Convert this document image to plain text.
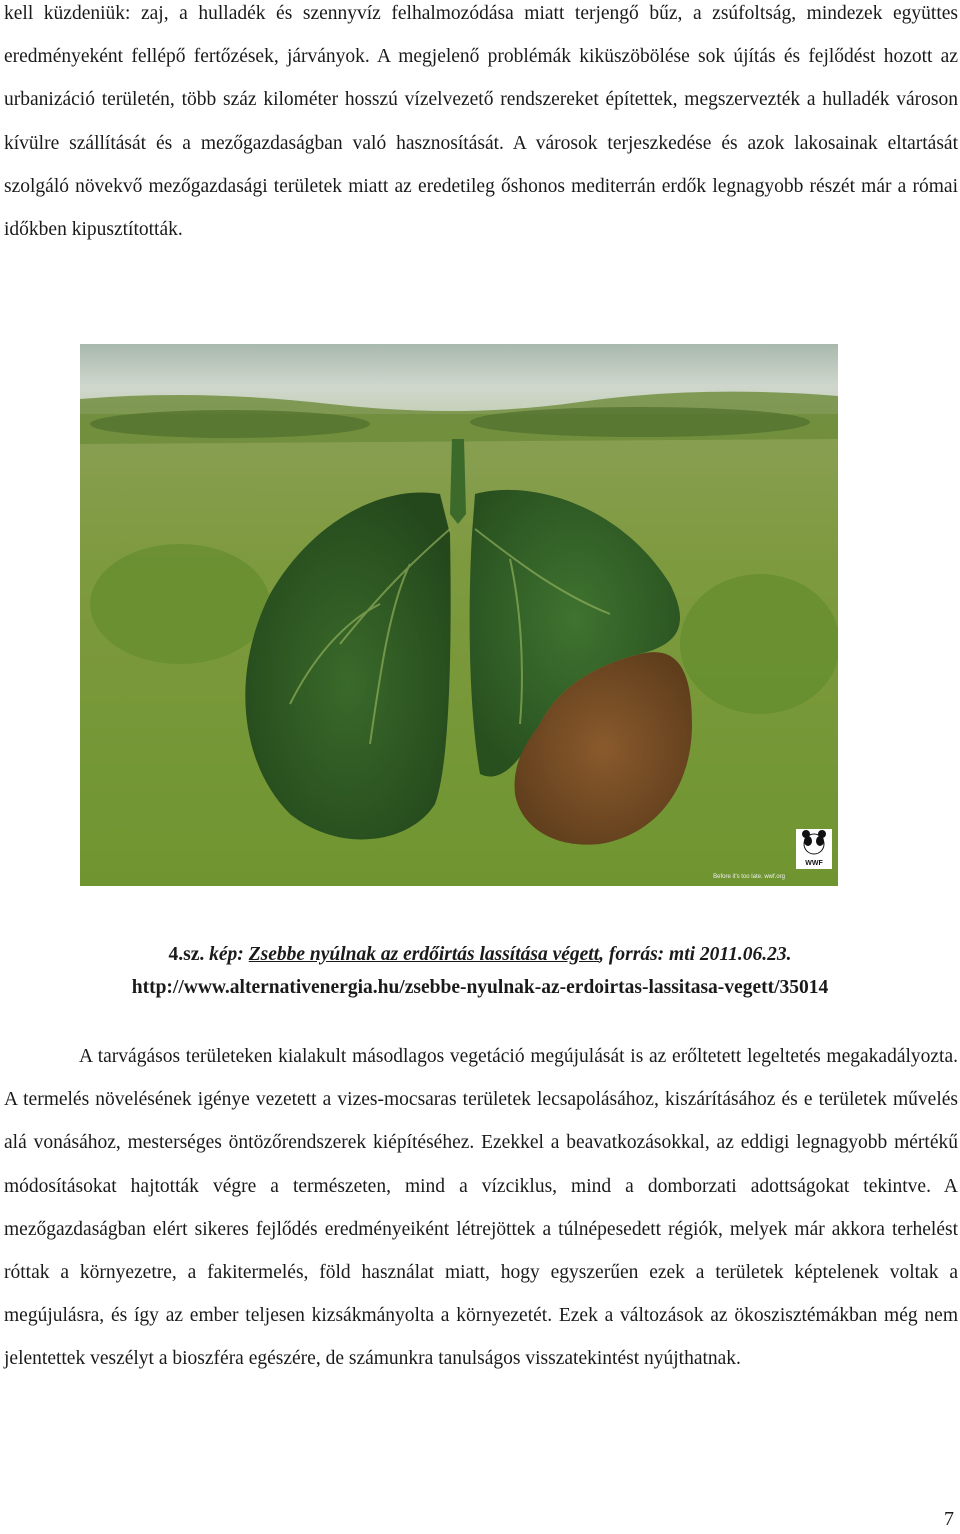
kell küzdeniük: zaj, a hulladék és szennyvíz felhalmozódása miatt terjengő bűz, a zsúfoltság, mindezek együttes eredményeként fellépő fertőzések, járványok. A megjelenő problémák kiküszöbölése sok újítás és fejlődést hozott az urbanizáció területén, több száz kilométer hosszú vízelvezető rendszereket építettek, megszervezték a hulladék városon kívülre szállítását és a mezőgazdaságban való hasznosítását. A városok terjeszkedése és azok lakosainak eltartását szolgáló növekvő mezőgazdasági területek miatt az eredetileg őshonos mediterrán erdők legnagyobb részét már a római időkben kipusztították.

WWF
Before it's too late. wwf.org
4.sz. kép: Zsebbe nyúlnak az erdőirtás lassítása végett, forrás: mti 2011.06.23.
http://www.alternativenergia.hu/zsebbe-nyulnak-az-erdoirtas-lassitasa-vegett/35014

A tarvágásos területeken kialakult másodlagos vegetáció megújulását is az erőltetett legeltetés megakadályozta. A termelés növelésének igénye vezetett a vizes-mocsaras területek lecsapolásához, kiszárításához és e területek művelés alá vonásához, mesterséges öntözőrendszerek kiépítéséhez. Ezekkel a beavatkozásokkal, az eddigi legnagyobb mértékű módosításokat hajtották végre a természeten, mind a vízciklus, mind a domborzati adottságokat tekintve. A mezőgazdaságban elért sikeres fejlődés eredményeiként létrejöttek a túlnépesedett régiók, melyek már akkora terhelést róttak a környezetre, a fakitermelés, föld használat miatt, hogy egyszerűen ezek a területek képtelenek voltak a megújulásra, és így az ember teljesen kizsákmányolta a környezetét. Ezek a változások az ökoszisztémákban még nem jelentettek veszélyt a bioszféra egészére, de számunkra tanulságos visszatekintést nyújthatnak.

7
